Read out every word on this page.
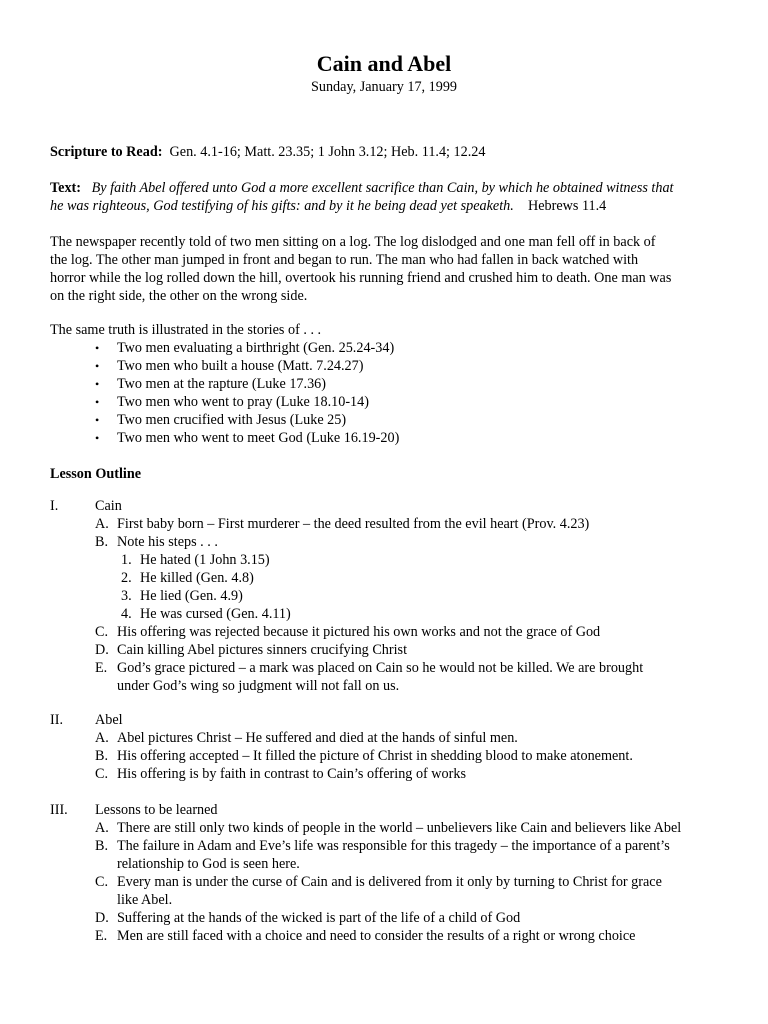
Cain and Abel
Sunday, January 17, 1999
Scripture to Read: Gen. 4.1-16; Matt. 23.35; 1 John 3.12; Heb. 11.4; 12.24
Text: By faith Abel offered unto God a more excellent sacrifice than Cain, by which he obtained witness that
he was righteous, God testifying of his gifts: and by it he being dead yet speaketh. Hebrews 11.4
The newspaper recently told of two men sitting on a log. The log dislodged and one man fell off in back of
the log. The other man jumped in front and began to run. The man who had fallen in back watched with
horror while the log rolled down the hill, overtook his running friend and crushed him to death. One man was
on the right side, the other on the wrong side.
The same truth is illustrated in the stories of . . .
• Two men evaluating a birthright (Gen. 25.24-34)
• Two men who built a house (Matt. 7.24.27)
• Two men at the rapture (Luke 17.36)
• Two men who went to pray (Luke 18.10-14)
• Two men crucified with Jesus (Luke 25)
• Two men who went to meet God (Luke 16.19-20)
Lesson Outline
I.	Cain
A. First baby born – First murderer – the deed resulted from the evil heart (Prov. 4.23)
B. Note his steps . . .
1. He hated (1 John 3.15)
2. He killed (Gen. 4.8)
3. He lied (Gen. 4.9)
4. He was cursed (Gen. 4.11)
C. His offering was rejected because it pictured his own works and not the grace of God
D. Cain killing Abel pictures sinners crucifying Christ
E. God’s grace pictured – a mark was placed on Cain so he would not be killed. We are brought
under God’s wing so judgment will not fall on us.
II. Abel
A. Abel pictures Christ – He suffered and died at the hands of sinful men.
B. His offering accepted – It filled the picture of Christ in shedding blood to make atonement.
C. His offering is by faith in contrast to Cain’s offering of works
III. Lessons to be learned
A. There are still only two kinds of people in the world – unbelievers like Cain and believers like Abel
B. The failure in Adam and Eve’s life was responsible for this tragedy – the importance of a parent’s
relationship to God is seen here.
C. Every man is under the curse of Cain and is delivered from it only by turning to Christ for grace
like Abel.
D. Suffering at the hands of the wicked is part of the life of a child of God
E. Men are still faced with a choice and need to consider the results of a right or wrong choice
